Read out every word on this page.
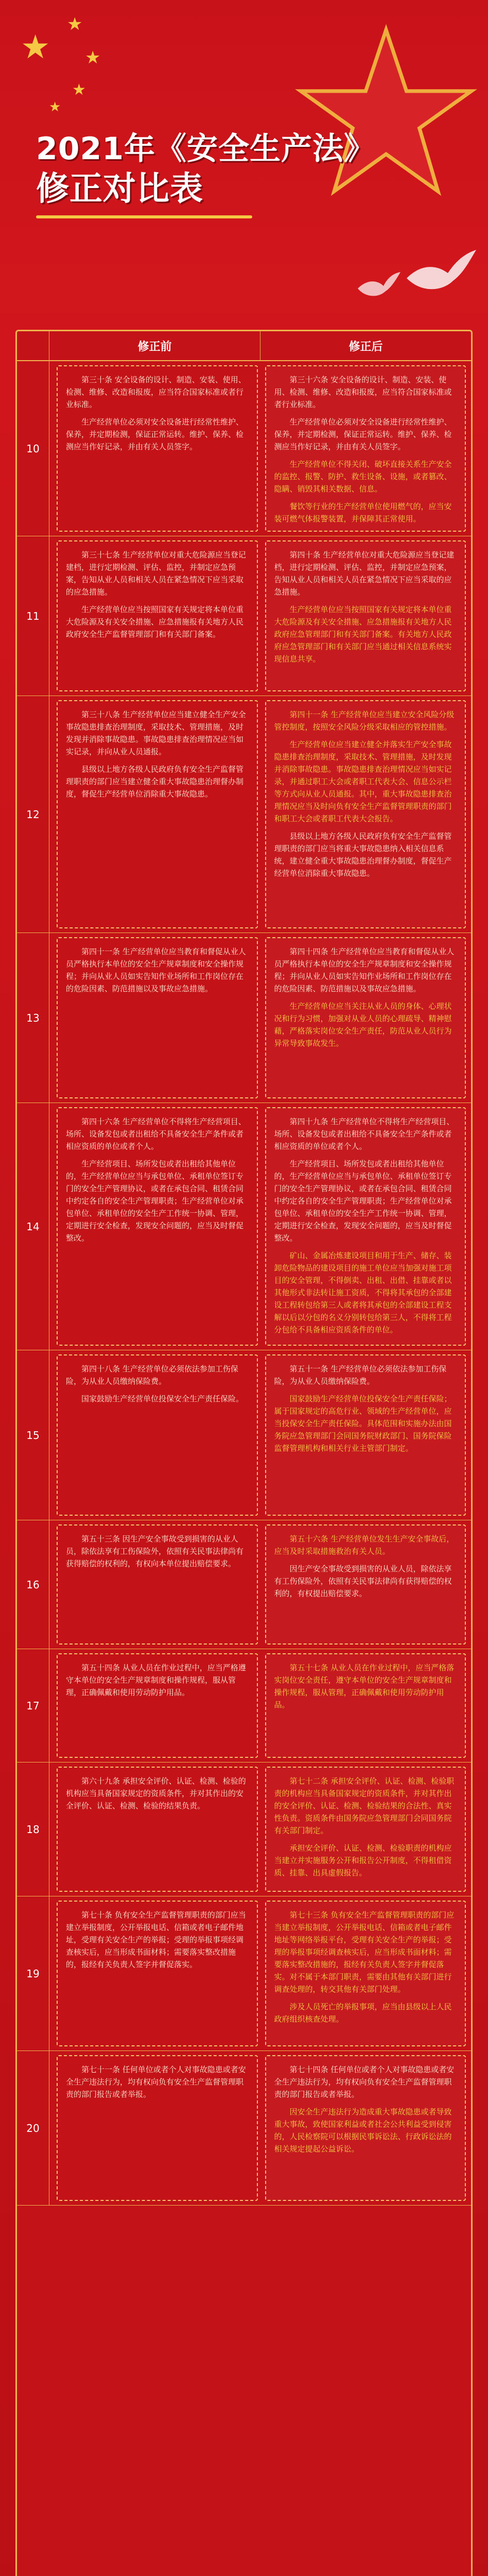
★
★
★
★
★
2021年《安全生产法》
修正对比表
修正前	修正后
10

第三十条 安全设备的设计、制造、安装、使用、检测、维修、改造和报废，应当符合国家标准或者行业标准。

生产经营单位必须对安全设备进行经常性维护、保养，并定期检测，保证正常运转。维护、保养、检测应当作好记录，并由有关人员签字。

第三十六条 安全设备的设计、制造、安装、使用、检测、维修、改造和报废，应当符合国家标准或者行业标准。

生产经营单位必须对安全设备进行经常性维护、保养，并定期检测，保证正常运转。维护、保养、检测应当作好记录，并由有关人员签字。

生产经营单位不得关闭、破坏直接关系生产安全的监控、报警、防护、救生设备、设施，或者篡改、隐瞒、销毁其相关数据、信息。

餐饮等行业的生产经营单位使用燃气的，应当安装可燃气体报警装置，并保障其正常使用。

11

第三十七条 生产经营单位对重大危险源应当登记建档，进行定期检测、评估、监控，并制定应急预案，告知从业人员和相关人员在紧急情况下应当采取的应急措施。

生产经营单位应当按照国家有关规定将本单位重大危险源及有关安全措施、应急措施报有关地方人民政府安全生产监督管理部门和有关部门备案。

第四十条 生产经营单位对重大危险源应当登记建档，进行定期检测、评估、监控，并制定应急预案，告知从业人员和相关人员在紧急情况下应当采取的应急措施。

生产经营单位应当按照国家有关规定将本单位重大危险源及有关安全措施、应急措施报有关地方人民政府应急管理部门和有关部门备案。有关地方人民政府应急管理部门和有关部门应当通过相关信息系统实现信息共享。

12

第三十八条 生产经营单位应当建立健全生产安全事故隐患排查治理制度，采取技术、管理措施，及时发现并消除事故隐患。事故隐患排查治理情况应当如实记录，并向从业人员通报。

县级以上地方各级人民政府负有安全生产监督管理职责的部门应当建立健全重大事故隐患治理督办制度，督促生产经营单位消除重大事故隐患。

第四十一条 生产经营单位应当建立安全风险分级管控制度，按照安全风险分级采取相应的管控措施。

生产经营单位应当建立健全并落实生产安全事故隐患排查治理制度，采取技术、管理措施，及时发现并消除事故隐患。事故隐患排查治理情况应当如实记录，并通过职工大会或者职工代表大会、信息公示栏等方式向从业人员通报。其中，重大事故隐患排查治理情况应当及时向负有安全生产监督管理职责的部门和职工大会或者职工代表大会报告。

县级以上地方各级人民政府负有安全生产监督管理职责的部门应当将重大事故隐患纳入相关信息系统，建立健全重大事故隐患治理督办制度，督促生产经营单位消除重大事故隐患。

13

第四十一条 生产经营单位应当教育和督促从业人员严格执行本单位的安全生产规章制度和安全操作规程；并向从业人员如实告知作业场所和工作岗位存在的危险因素、防范措施以及事故应急措施。

第四十四条 生产经营单位应当教育和督促从业人员严格执行本单位的安全生产规章制度和安全操作规程；并向从业人员如实告知作业场所和工作岗位存在的危险因素、防范措施以及事故应急措施。

生产经营单位应当关注从业人员的身体、心理状况和行为习惯，加强对从业人员的心理疏导、精神慰藉，严格落实岗位安全生产责任，防范从业人员行为异常导致事故发生。

14

第四十六条 生产经营单位不得将生产经营项目、场所、设备发包或者出租给不具备安全生产条件或者相应资质的单位或者个人。

生产经营项目、场所发包或者出租给其他单位的，生产经营单位应当与承包单位、承租单位签订专门的安全生产管理协议，或者在承包合同、租赁合同中约定各自的安全生产管理职责；生产经营单位对承包单位、承租单位的安全生产工作统一协调、管理，定期进行安全检查，发现安全问题的，应当及时督促整改。

第四十九条 生产经营单位不得将生产经营项目、场所、设备发包或者出租给不具备安全生产条件或者相应资质的单位或者个人。

生产经营项目、场所发包或者出租给其他单位的，生产经营单位应当与承包单位、承租单位签订专门的安全生产管理协议，或者在承包合同、租赁合同中约定各自的安全生产管理职责；生产经营单位对承包单位、承租单位的安全生产工作统一协调、管理，定期进行安全检查，发现安全问题的，应当及时督促整改。

矿山、金属冶炼建设项目和用于生产、储存、装卸危险物品的建设项目的施工单位应当加强对施工项目的安全管理，不得倒卖、出租、出借、挂靠或者以其他形式非法转让施工资质，不得将其承包的全部建设工程转包给第三人或者将其承包的全部建设工程支解以后以分包的名义分别转包给第三人，不得将工程分包给不具备相应资质条件的单位。

15

第四十八条 生产经营单位必须依法参加工伤保险，为从业人员缴纳保险费。

国家鼓励生产经营单位投保安全生产责任保险。

第五十一条 生产经营单位必须依法参加工伤保险，为从业人员缴纳保险费。

国家鼓励生产经营单位投保安全生产责任保险；属于国家规定的高危行业、领域的生产经营单位，应当投保安全生产责任保险。具体范围和实施办法由国务院应急管理部门会同国务院财政部门、国务院保险监督管理机构和相关行业主管部门制定。

16

第五十三条 因生产安全事故受到损害的从业人员，除依法享有工伤保险外，依照有关民事法律尚有获得赔偿的权利的，有权向本单位提出赔偿要求。

第五十六条 生产经营单位发生生产安全事故后，应当及时采取措施救治有关人员。

因生产安全事故受到损害的从业人员，除依法享有工伤保险外，依照有关民事法律尚有获得赔偿的权利的，有权提出赔偿要求。

17

第五十四条 从业人员在作业过程中，应当严格遵守本单位的安全生产规章制度和操作规程，服从管理，正确佩戴和使用劳动防护用品。

第五十七条 从业人员在作业过程中，应当严格落实岗位安全责任，遵守本单位的安全生产规章制度和操作规程，服从管理，正确佩戴和使用劳动防护用品。

18

第六十九条 承担安全评价、认证、检测、检验的机构应当具备国家规定的资质条件，并对其作出的安全评价、认证、检测、检验的结果负责。

第七十二条 承担安全评价、认证、检测、检验职责的机构应当具备国家规定的资质条件，并对其作出的安全评价、认证、检测、检验结果的合法性、真实性负责。资质条件由国务院应急管理部门会同国务院有关部门制定。

承担安全评价、认证、检测、检验职责的机构应当建立并实施服务公开和报告公开制度，不得租借资质、挂靠、出具虚假报告。

19

第七十条 负有安全生产监督管理职责的部门应当建立举报制度，公开举报电话、信箱或者电子邮件地址，受理有关安全生产的举报；受理的举报事项经调查核实后，应当形成书面材料；需要落实整改措施的，报经有关负责人签字并督促落实。

第七十三条 负有安全生产监督管理职责的部门应当建立举报制度，公开举报电话、信箱或者电子邮件地址等网络举报平台，受理有关安全生产的举报；受理的举报事项经调查核实后，应当形成书面材料；需要落实整改措施的，报经有关负责人签字并督促落实。对不属于本部门职责，需要由其他有关部门进行调查处理的，转交其他有关部门处理。

涉及人员死亡的举报事项，应当由县级以上人民政府组织核查处理。

20

第七十一条 任何单位或者个人对事故隐患或者安全生产违法行为，均有权向负有安全生产监督管理职责的部门报告或者举报。

第七十四条 任何单位或者个人对事故隐患或者安全生产违法行为，均有权向负有安全生产监督管理职责的部门报告或者举报。

因安全生产违法行为造成重大事故隐患或者导致重大事故，致使国家利益或者社会公共利益受到侵害的，人民检察院可以根据民事诉讼法、行政诉讼法的相关规定提起公益诉讼。
